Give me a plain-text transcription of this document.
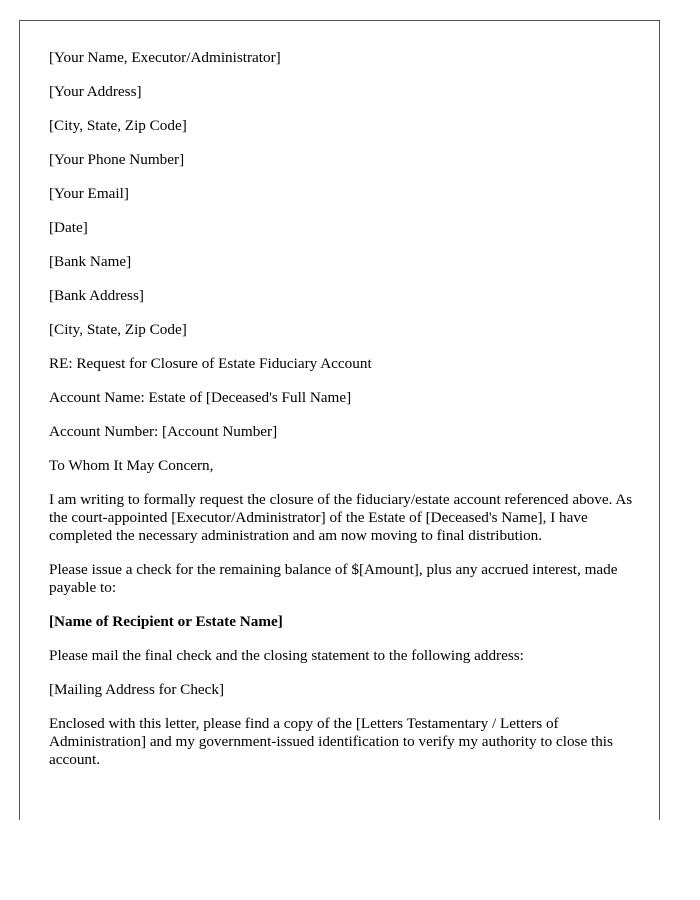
[Your Name, Executor/Administrator]

[Your Address]

[City, State, Zip Code]

[Your Phone Number]

[Your Email]

[Date]

[Bank Name]

[Bank Address]

[City, State, Zip Code]

RE: Request for Closure of Estate Fiduciary Account

Account Name: Estate of [Deceased's Full Name]

Account Number: [Account Number]

To Whom It May Concern,

I am writing to formally request the closure of the fiduciary/estate account referenced above. As the court-appointed [Executor/Administrator] of the Estate of [Deceased's Name], I have completed the necessary administration and am now moving to final distribution.

Please issue a check for the remaining balance of $[Amount], plus any accrued interest, made payable to:

[Name of Recipient or Estate Name]

Please mail the final check and the closing statement to the following address:

[Mailing Address for Check]

Enclosed with this letter, please find a copy of the [Letters Testamentary / Letters of Administration] and my government-issued identification to verify my authority to close this account.
